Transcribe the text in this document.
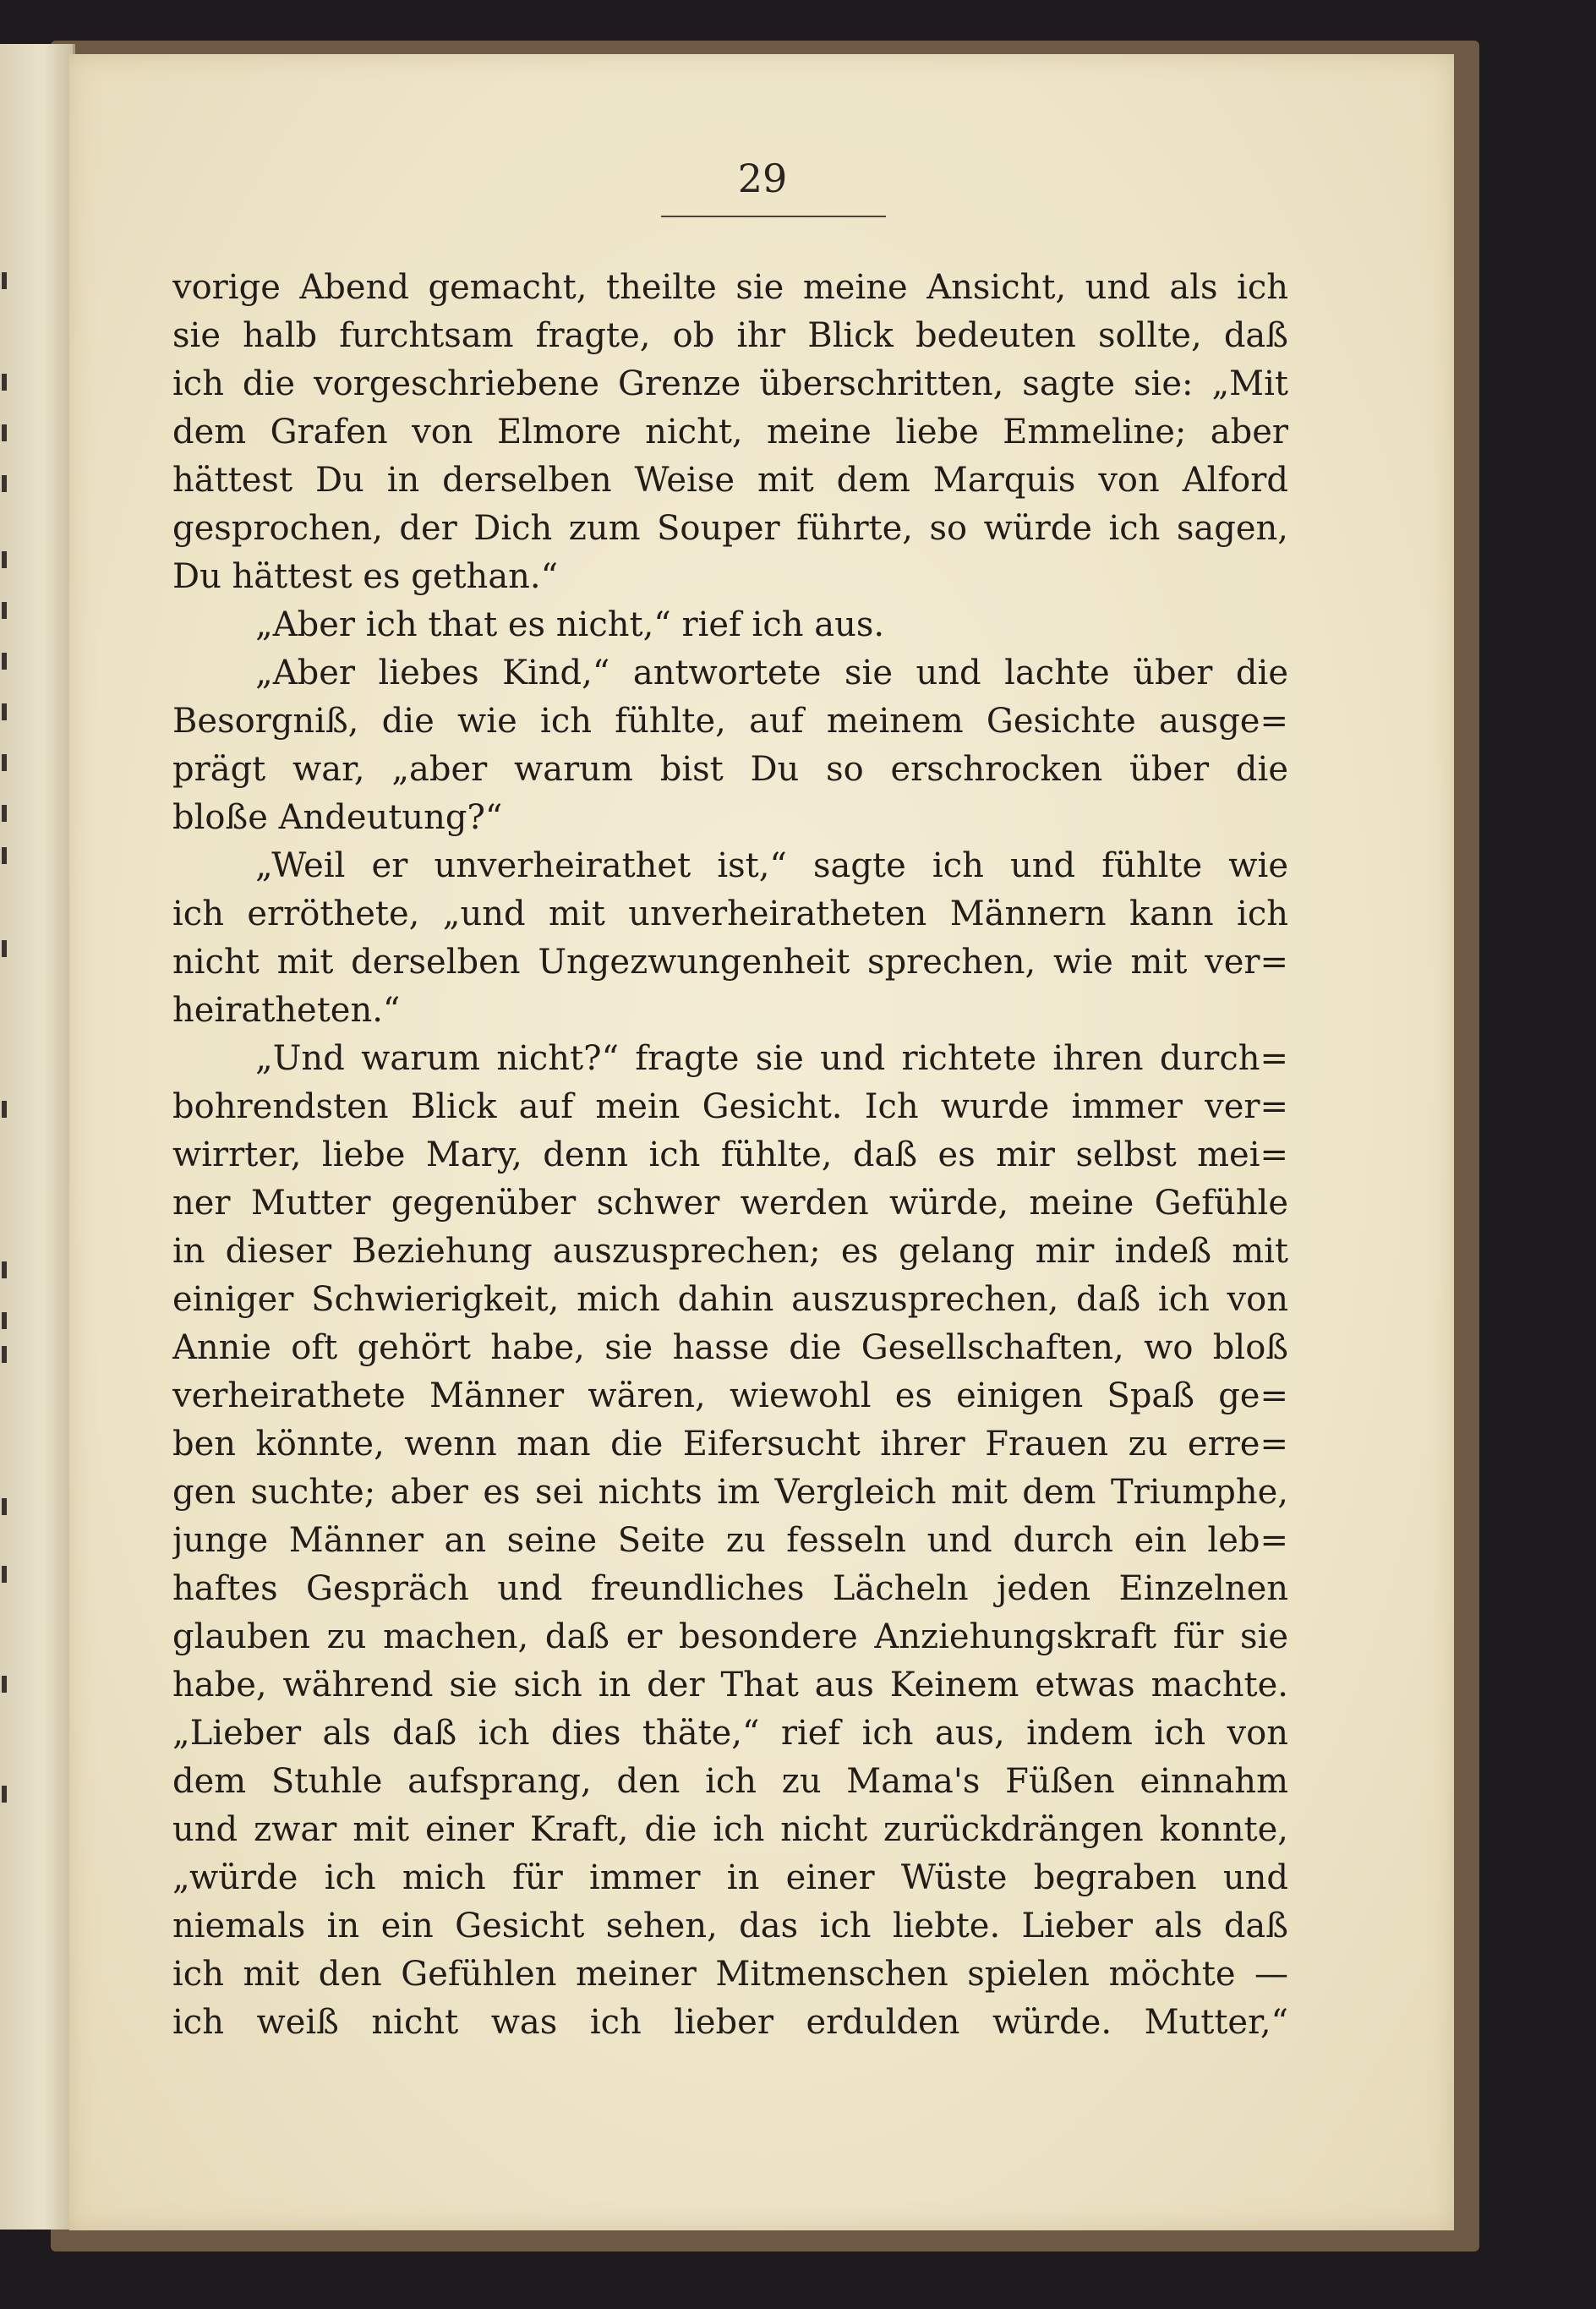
29
vorige Abend gemacht, theilte sie meine Ansicht, und als ich
sie halb furchtsam fragte, ob ihr Blick bedeuten sollte, daß
ich die vorgeschriebene Grenze überschritten, sagte sie: „Mit
dem Grafen von Elmore nicht, meine liebe Emmeline; aber
hättest Du in derselben Weise mit dem Marquis von Alford
gesprochen, der Dich zum Souper führte, so würde ich sagen,
Du hättest es gethan.“
„Aber ich that es nicht,“ rief ich aus.
„Aber liebes Kind,“ antwortete sie und lachte über die
Besorgniß, die wie ich fühlte, auf meinem Gesichte ausge=
prägt war, „aber warum bist Du so erschrocken über die
bloße Andeutung?“
„Weil er unverheirathet ist,“ sagte ich und fühlte wie
ich erröthete, „und mit unverheiratheten Männern kann ich
nicht mit derselben Ungezwungenheit sprechen, wie mit ver=
heiratheten.“
„Und warum nicht?“ fragte sie und richtete ihren durch=
bohrendsten Blick auf mein Gesicht. Ich wurde immer ver=
wirrter, liebe Mary, denn ich fühlte, daß es mir selbst mei=
ner Mutter gegenüber schwer werden würde, meine Gefühle
in dieser Beziehung auszusprechen; es gelang mir indeß mit
einiger Schwierigkeit, mich dahin auszusprechen, daß ich von
Annie oft gehört habe, sie hasse die Gesellschaften, wo bloß
verheirathete Männer wären, wiewohl es einigen Spaß ge=
ben könnte, wenn man die Eifersucht ihrer Frauen zu erre=
gen suchte; aber es sei nichts im Vergleich mit dem Triumphe,
junge Männer an seine Seite zu fesseln und durch ein leb=
haftes Gespräch und freundliches Lächeln jeden Einzelnen
glauben zu machen, daß er besondere Anziehungskraft für sie
habe, während sie sich in der That aus Keinem etwas machte.
„Lieber als daß ich dies thäte,“ rief ich aus, indem ich von
dem Stuhle aufsprang, den ich zu Mama's Füßen einnahm
und zwar mit einer Kraft, die ich nicht zurückdrängen konnte,
„würde ich mich für immer in einer Wüste begraben und
niemals in ein Gesicht sehen, das ich liebte. Lieber als daß
ich mit den Gefühlen meiner Mitmenschen spielen möchte —
ich weiß nicht was ich lieber erdulden würde. Mutter,“
